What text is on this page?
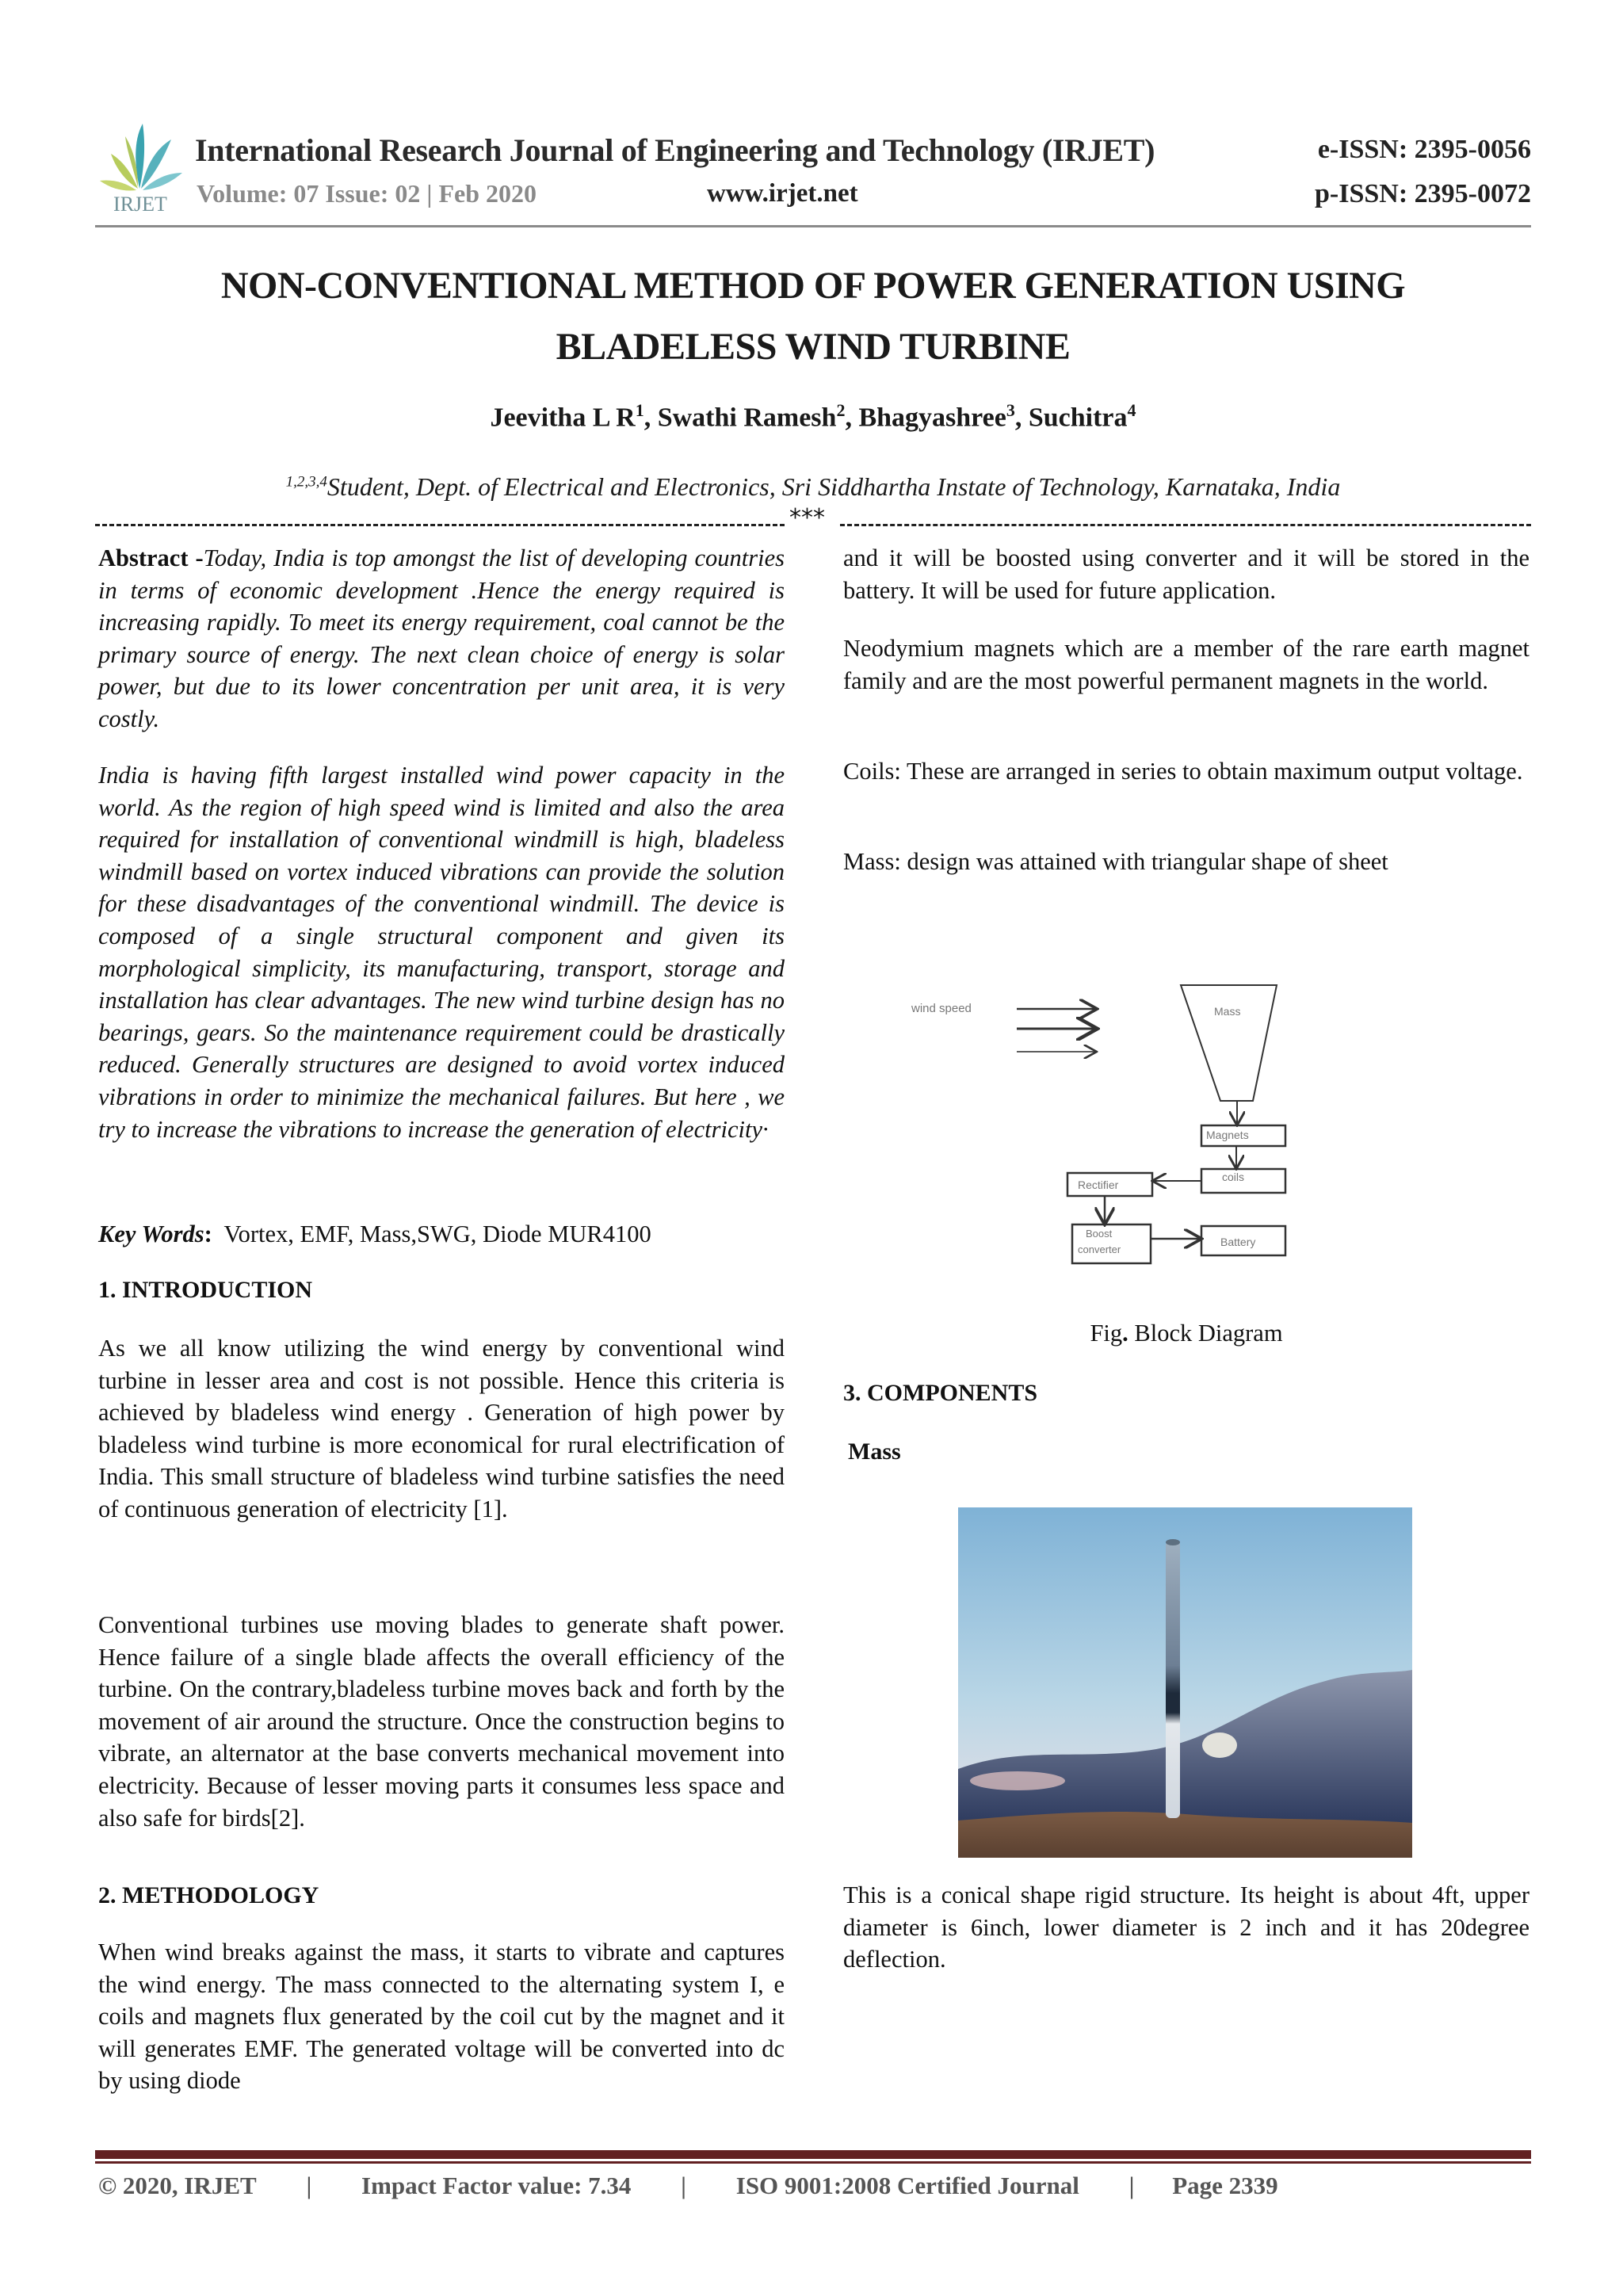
IRJET
International Research Journal of Engineering and Technology (IRJET)	e-ISSN: 2395-0056
Volume: 07 Issue: 02 | Feb 2020	www.irjet.net	p-ISSN: 2395-0072
NON-CONVENTIONAL METHOD OF POWER GENERATION USING
BLADELESS WIND TURBINE
Jeevitha L $R^1$, Swathi Ramesh$^2$, Bhagyashree$^3$, Suchitra$^4$
$^{1,2,3,4}$Student, Dept. of Electrical and Electronics, Sri Siddhartha Instate of Technology, Karnataka, India
***

Abstract -Today, India is top amongst the list of developing countries in terms of economic development .Hence the energy required is increasing rapidly. To meet its energy requirement, coal cannot be the primary source of energy. The next clean choice of energy is solar power, but due to its lower concentration per unit area, it is very costly.

India is having fifth largest installed wind power capacity in the world. As the region of high speed wind is limited and also the area required for installation of conventional windmill is high, bladeless windmill based on vortex induced vibrations can provide the solution for these disadvantages of the conventional windmill. The device is composed of a single structural component and given its morphological simplicity, its manufacturing, transport, storage and installation has clear advantages. The new wind turbine design has no bearings, gears. So the maintenance requirement could be drastically reduced. Generally structures are designed to avoid vortex induced vibrations in order to minimize the mechanical failures. But here , we try to increase the vibrations to increase the generation of electricity·
Key Words: Vortex, EMF, Mass,SWG, Diode MUR4100
1. INTRODUCTION
As we all know utilizing the wind energy by conventional wind turbine in lesser area and cost is not possible. Hence this criteria is achieved by bladeless wind energy . Generation of high power by bladeless wind turbine is more economical for rural electrification of India. This small structure of bladeless wind turbine satisfies the need of continuous generation of electricity [1].
Conventional turbines use moving blades to generate shaft power. Hence failure of a single blade affects the overall efficiency of the turbine. On the contrary,bladeless turbine moves back and forth by the movement of air around the structure. Once the construction begins to vibrate, an alternator at the base converts mechanical movement into electricity. Because of lesser moving parts it consumes less space and also safe for birds[2].
2. METHODOLOGY
When wind breaks against the mass, it starts to vibrate and captures the wind energy. The mass connected to the alternating system I, e coils and magnets flux generated by the coil cut by the magnet and it will generates EMF. The generated voltage will be converted into dc by using diode
and it will be boosted using converter and it will be stored in the battery. It will be used for future application.
Neodymium magnets which are a member of the rare earth magnet family and are the most powerful permanent magnets in the world.
Coils: These are arranged in series to obtain maximum output voltage.
Mass: design was attained with triangular shape of sheet
wind speed	Mass
Magnets
coils
Rectifier
Boost
converter
Battery
Fig. Block Diagram
3. COMPONENTS
Mass
This is a conical shape rigid structure. Its height is about 4ft, upper diameter is 6inch, lower diameter is 2 inch and it has 20degree deflection.
© 2020, IRJET | Impact Factor value: 7.34 | ISO 9001:2008 Certified Journal | Page 2339
